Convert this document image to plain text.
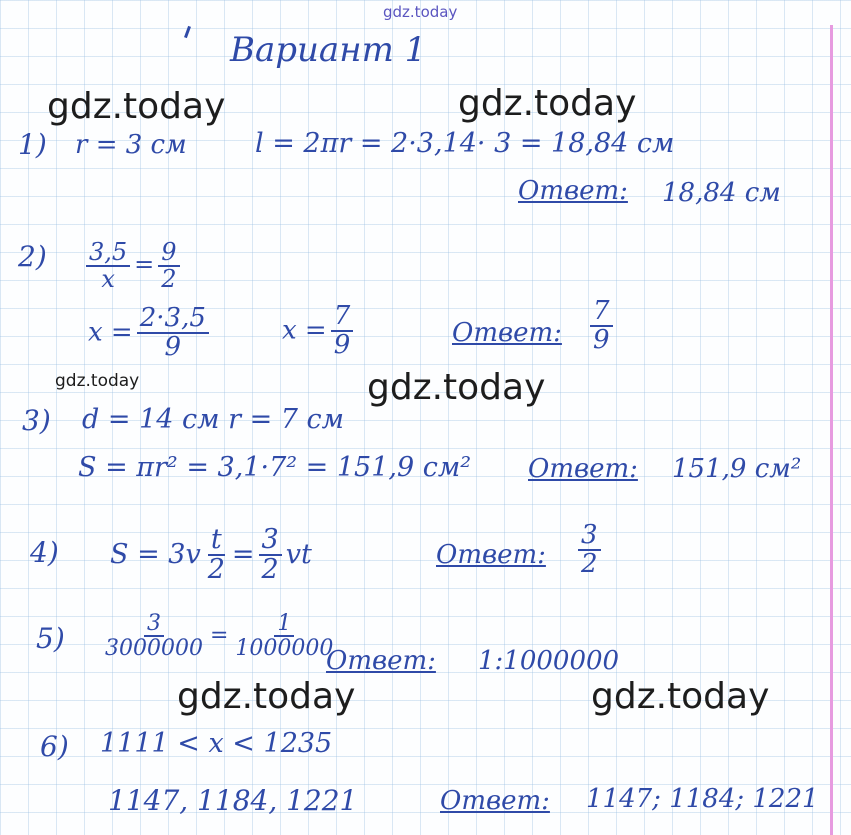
gdz.today
gdz.today	gdz.today
gdz.today	gdz.today
gdz.today	gdz.today
Вариант 1
1) r = 3 см	l = 2πr = 2·3,14· 3 = 18,84 см
Ответ: 18,84 см
$2) \frac{3,5}{x} = \frac{9}{2}$
$x = \frac{2\cdot 3,5}{9}$	$x = \frac{7}{9}$	Ответ: $\frac{7}{9}$
3) d = 14 см r = 7 см
S = πr² = 3,1·7² = 151,9 см² Ответ: 151,9 см²
4) $S = 3v \frac{t}{2} = \frac{3}{2}$ vt	Ответ: $\frac{3}{2}$
$5) \frac{3}{3000000} = \frac{1}{1000000}$
Ответ: 1:1000000
6) 1111 < x < 1235
1147, 1184, 1221	Ответ: 1147; 1184; 1221
